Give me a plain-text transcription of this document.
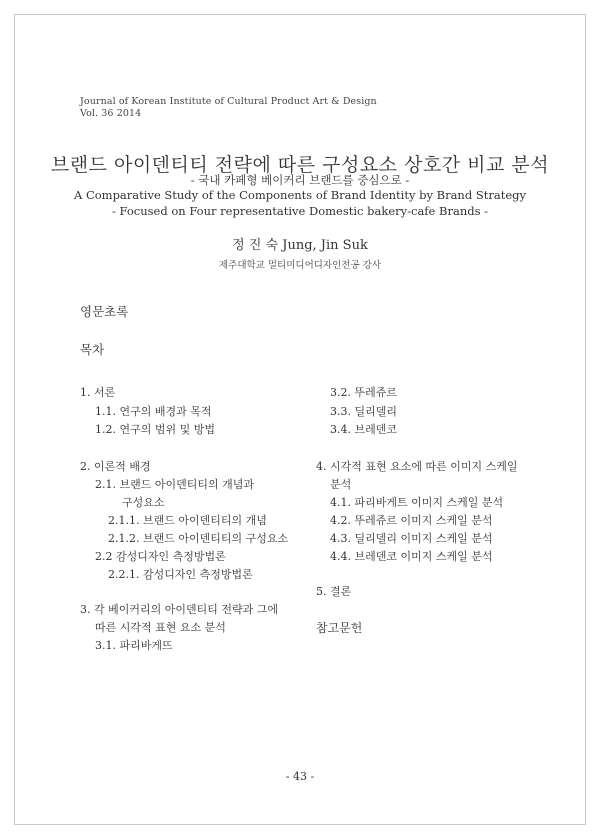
Journal of Korean Institute of Cultural Product Art & Design
Vol. 36 2014
브랜드 아이덴티티 전략에 따른 구성요소 상호간 비교 분석
- 국내 카페형 베이커리 브랜드를 중심으로 -
A Comparative Study of the Components of Brand Identity by Brand Strategy
- Focused on Four representative Domestic bakery-cafe Brands -
정 진 숙 Jung, Jin Suk
제주대학교 멀티미디어디자인전공 강사
영문초록
목차
1. 서론
1.1. 연구의 배경과 목적
1.2. 연구의 범위 및 방법
2. 이론적 배경
2.1. 브랜드 아이덴티티의 개념과
구성요소
2.1.1. 브랜드 아이덴티티의 개념
2.1.2. 브랜드 아이덴티티의 구성요소
2.2 감성디자인 측정방법론
2.2.1. 감성디자인 측정방법론
3. 각 베이커리의 아이덴티티 전략과 그에
따른 시각적 표현 요소 분석
3.1. 파리바게뜨
3.2. 뚜레쥬르
3.3. 딜리델리
3.4. 브레덴코
4. 시각적 표현 요소에 따른 이미지 스케일
분석
4.1. 파리바게트 이미지 스케일 분석
4.2. 뚜레쥬르 이미지 스케일 분석
4.3. 딜리델리 이미지 스케일 분석
4.4. 브레덴코 이미지 스케일 분석
5. 결론
참고문헌
- 43 -
